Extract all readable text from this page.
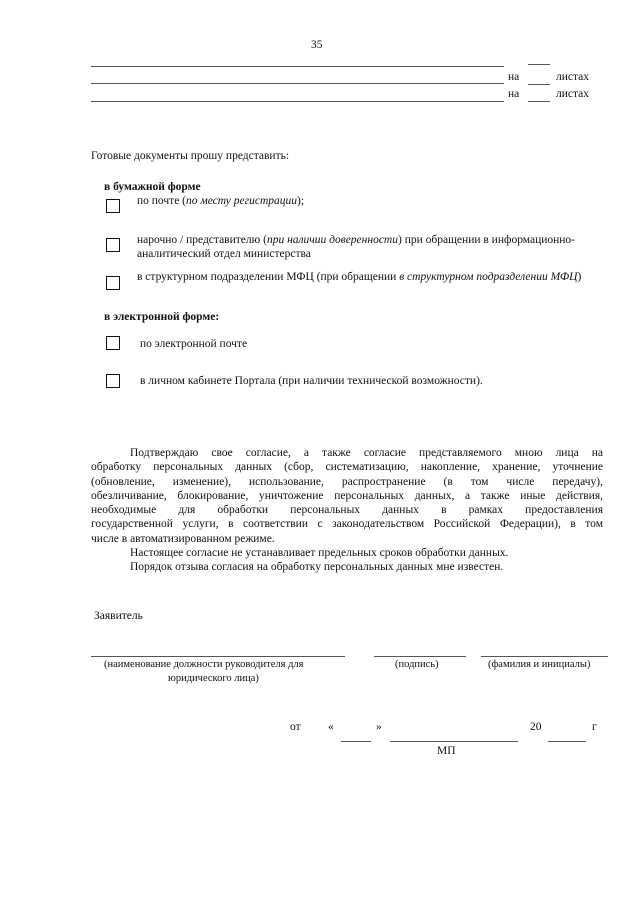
35
на	листах
на	листах
Готовые документы прошу представить:
в бумажной форме
по почте (по месту регистрации);
нарочно / представителю (при наличии доверенности) при обращении в информационно-
аналитический отдел министерства
в структурном подразделении МФЦ (при обращении в структурном подразделении МФЦ)
в электронной форме:
по электронной почте
в личном кабинете Портала (при наличии технической возможности).
Подтверждаю свое согласие, а также согласие представляемого мною лица на
обработку персональных данных (сбор, систематизацию, накопление, хранение, уточнение
(обновление, изменение), использование, распространение (в том числе передачу),
обезличивание, блокирование, уничтожение персональных данных, а также иные действия,
необходимые для обработки персональных данных в рамках предоставления
государственной услуги, в соответствии с законодательством Российской Федерации), в том
числе в автоматизированном режиме.
Настоящее согласие не устанавливает предельных сроков обработки данных.
Порядок отзыва согласия на обработку персональных данных мне известен.
Заявитель
(наименование должности руководителя для
юридического лица)
(подпись)	(фамилия и инициалы)
от «	»	20	г
МП
